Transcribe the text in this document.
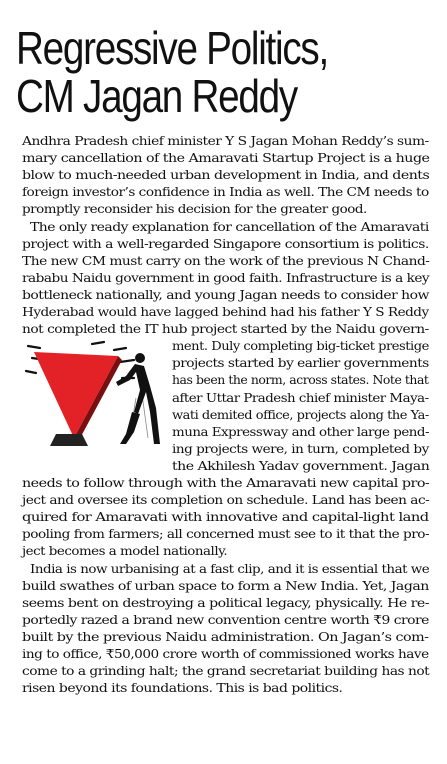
Regressive Politics,
CM Jagan Reddy
Andhra Pradesh chief minister Y S Jagan Mohan Reddy’s sum-
mary cancellation of the Amaravati Startup Project is a huge
blow to much-needed urban development in India, and dents
foreign investor’s confidence in India as well. The CM needs to
promptly reconsider his decision for the greater good.
The only ready explanation for cancellation of the Amaravati
project with a well-regarded Singapore consortium is politics.
The new CM must carry on the work of the previous N Chand-
rababu Naidu government in good faith. Infrastructure is a key
bottleneck nationally, and young Jagan needs to consider how
Hyderabad would have lagged behind had his father Y S Reddy
not completed the IT hub project started by the Naidu govern-
ment. Duly completing big-ticket prestige
projects started by earlier governments
has been the norm, across states. Note that
after Uttar Pradesh chief minister Maya-
wati demited office, projects along the Ya-
muna Expressway and other large pend-
ing projects were, in turn, completed by
the Akhilesh Yadav government. Jagan
needs to follow through with the Amaravati new capital pro-
ject and oversee its completion on schedule. Land has been ac-
quired for Amaravati with innovative and capital-light land
pooling from farmers; all concerned must see to it that the pro-
ject becomes a model nationally.
India is now urbanising at a fast clip, and it is essential that we
build swathes of urban space to form a New India. Yet, Jagan
seems bent on destroying a political legacy, physically. He re-
portedly razed a brand new convention centre worth ₹9 crore
built by the previous Naidu administration. On Jagan’s com-
ing to office, ₹50,000 crore worth of commissioned works have
come to a grinding halt; the grand secretariat building has not
risen beyond its foundations. This is bad politics.
